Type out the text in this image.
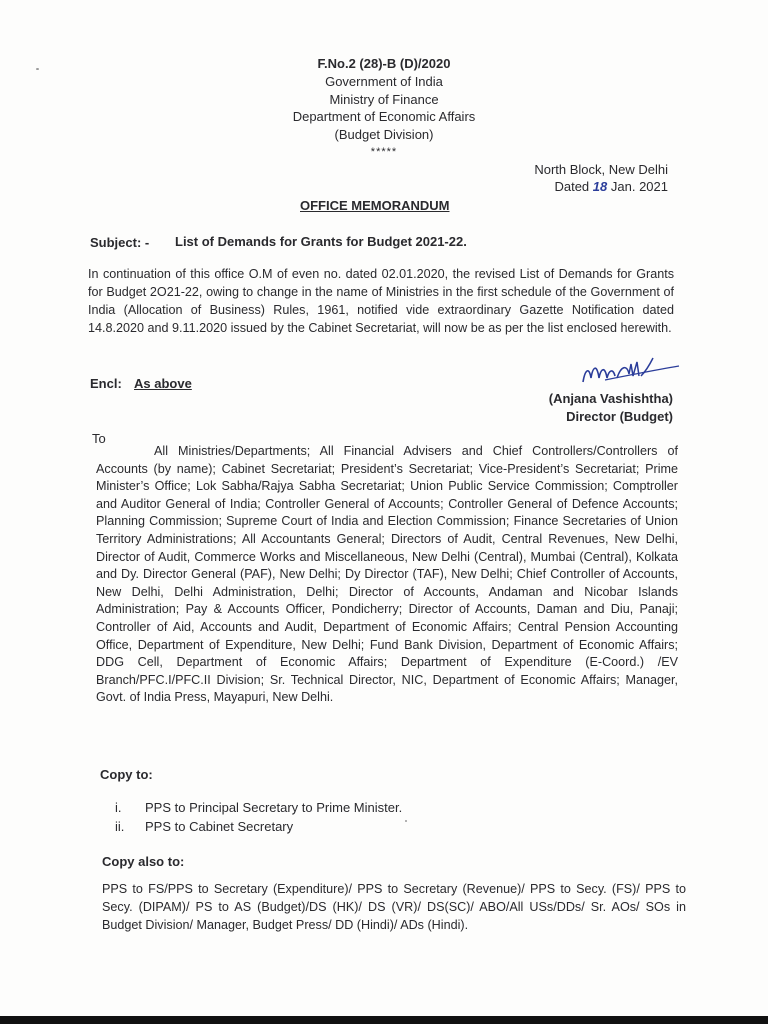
F.No.2 (28)-B (D)/2020
Government of India
Ministry of Finance
Department of Economic Affairs
(Budget Division)
*****
North Block, New Delhi
Dated 18 Jan. 2021
OFFICE MEMORANDUM
Subject: - List of Demands for Grants for Budget 2021-22.
In continuation of this office O.M of even no. dated 02.01.2020, the revised List of Demands for Grants for Budget 2O21-22, owing to change in the name of Ministries in the first schedule of the Government of India (Allocation of Business) Rules, 1961, notified vide extraordinary Gazette Notification dated 14.8.2020 and 9.11.2020 issued by the Cabinet Secretariat, will now be as per the list enclosed herewith.
Encl: As above
(Anjana Vashishtha)
Director (Budget)
To
All Ministries/Departments; All Financial Advisers and Chief Controllers/Controllers of Accounts (by name); Cabinet Secretariat; President’s Secretariat; Vice-President’s Secretariat; Prime Minister’s Office; Lok Sabha/Rajya Sabha Secretariat; Union Public Service Commission; Comptroller and Auditor General of India; Controller General of Accounts; Controller General of Defence Accounts; Planning Commission; Supreme Court of India and Election Commission; Finance Secretaries of Union Territory Administrations; All Accountants General; Directors of Audit, Central Revenues, New Delhi, Director of Audit, Commerce Works and Miscellaneous, New Delhi (Central), Mumbai (Central), Kolkata and Dy. Director General (PAF), New Delhi; Dy Director (TAF), New Delhi; Chief Controller of Accounts, New Delhi, Delhi Administration, Delhi; Director of Accounts, Andaman and Nicobar Islands Administration; Pay & Accounts Officer, Pondicherry; Director of Accounts, Daman and Diu, Panaji; Controller of Aid, Accounts and Audit, Department of Economic Affairs; Central Pension Accounting Office, Department of Expenditure, New Delhi; Fund Bank Division, Department of Economic Affairs; DDG Cell, Department of Economic Affairs; Department of Expenditure (E-Coord.) /EV Branch/PFC.I/PFC.II Division; Sr. Technical Director, NIC, Department of Economic Affairs; Manager, Govt. of India Press, Mayapuri, New Delhi.
Copy to:
i.	PPS to Principal Secretary to Prime Minister.
ii.	PPS to Cabinet Secretary
Copy also to:
PPS to FS/PPS to Secretary (Expenditure)/ PPS to Secretary (Revenue)/ PPS to Secy. (FS)/ PPS to Secy. (DIPAM)/ PS to AS (Budget)/DS (HK)/ DS (VR)/ DS(SC)/ ABO/All USs/DDs/ Sr. AOs/ SOs in Budget Division/ Manager, Budget Press/ DD (Hindi)/ ADs (Hindi).
